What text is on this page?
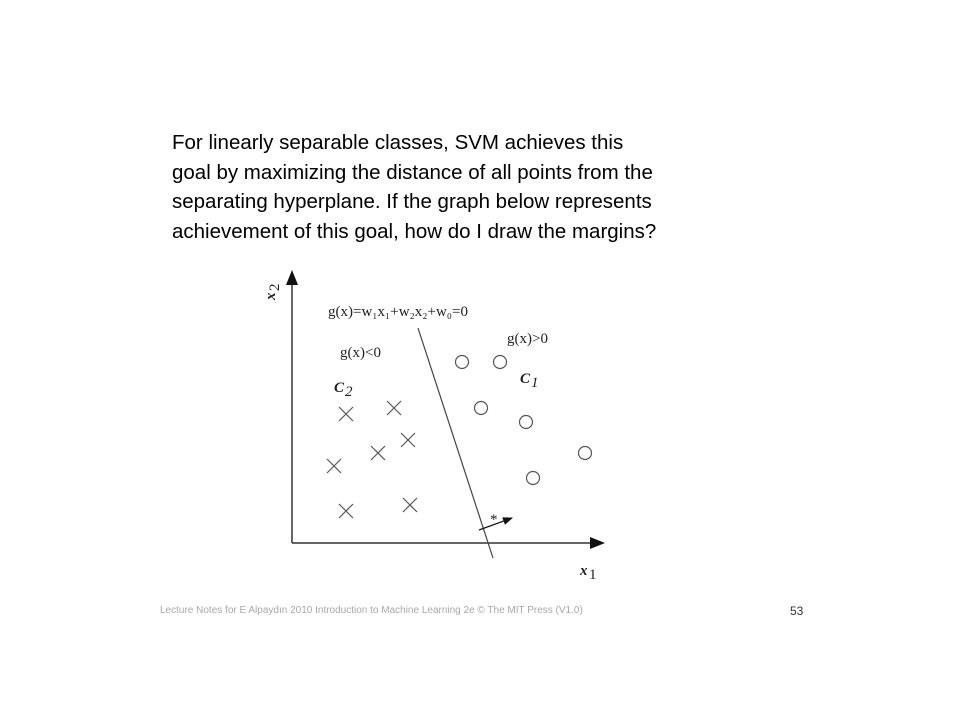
For linearly separable classes, SVM achieves this
goal by maximizing the distance of all points from the
separating hyperplane. If the graph below represents
achievement of this goal, how do I draw the margins?

x
2
x 1
*
g(x)=w₁x₁+w₂x₂+w₀=0
g(x)>0
g(x)<0
C 1
C 2
Lecture Notes for E Alpaydın 2010 Introduction to Machine Learning 2e © The MIT Press (V1.0)	53
